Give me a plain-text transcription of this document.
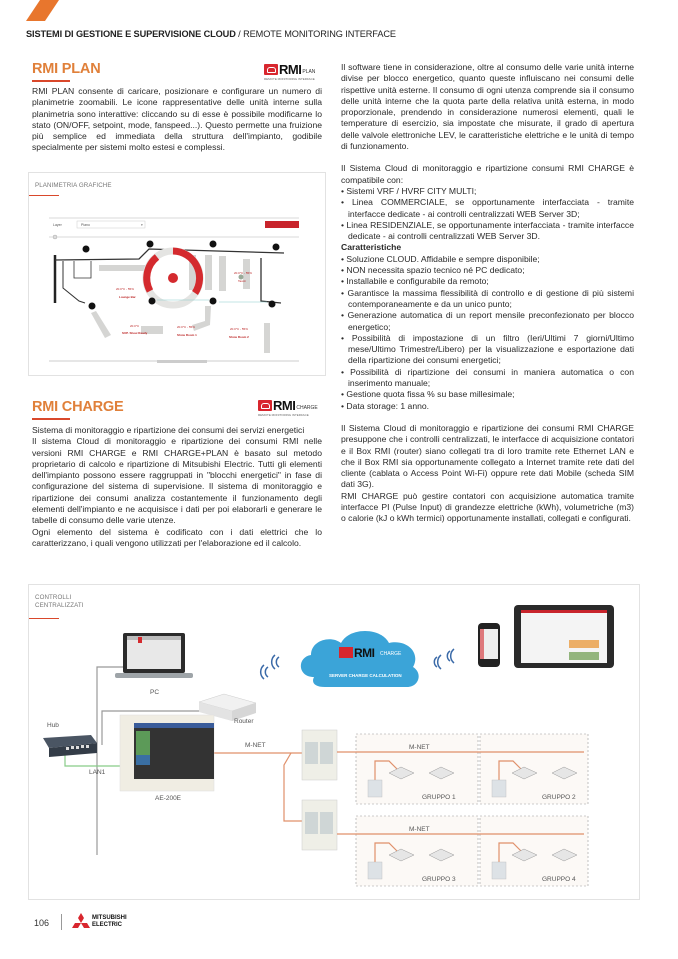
SISTEMI DI GESTIONE E SUPERVISIONE CLOUD / REMOTE MONITORING INTERFACE
RMI PLAN	RMI PLAN
REMOTE MONITORING INTERFACE
RMI PLAN consente di caricare, posizionare e configurare un numero di planimetrie zoomabili. Le icone rappresentative delle unità interne sulla planimetria sono interattive: cliccando su di esse è possibile modificarne lo stato (ON/OFF, setpoint, mode, fanspeed...). Questo permette una fruizione più semplice ed immediata della struttura dell'impianto, godibile specialmente per sistemi molto estesi e complessi.
PLANIMETRIA GRAFICHE
Layer	Piano	▾
20.0°C - 55%
Lounge Bar
20.0°C - 55%
Tavoli
20.0°C
SUP. Show Ready
20.0°C - 55%
Show Room 1
20.0°C - 55%
Show Room 2
RMI CHARGE	RMI CHARGE
REMOTE MONITORING INTERFACE

Sistema di monitoraggio e ripartizione dei consumi dei servizi energetici

Il sistema Cloud di monitoraggio e ripartizione dei consumi RMI nelle versioni RMI CHARGE e RMI CHARGE+PLAN è basato sul metodo proprietario di calcolo e ripartizione di Mitsubishi Electric. Tutti gli elementi dell'impianto possono essere raggruppati in "blocchi energetici" in fase di configurazione del sistema di supervisione. Il sistema di monitoraggio e ripartizione dei consumi analizza costantemente il funzionamento degli elementi dell'impianto e ne acquisisce i dati per poi elaborarli e generare le tabelle di consumo delle varie utenze.

Ogni elemento del sistema è codificato con i dati elettrici che lo caratterizzano, i quali vengono utilizzati per l'elaborazione ed il calcolo.

Il software tiene in considerazione, oltre al consumo delle varie unità interne divise per blocco energetico, quanto queste influiscano nei consumi delle rispettive unità esterne. Il consumo di ogni utenza comprende sia il consumo delle unità interne che la quota parte della relativa unità esterna, in modo proporzionale, prendendo in considerazione numerosi elementi, quali le temperature di esercizio, sia impostate che misurate, il grado di apertura delle valvole elettroniche LEV, le caratteristiche elettriche e le unità di tempo di funzionamento.

Il Sistema Cloud di monitoraggio e ripartizione consumi RMI CHARGE è compatibile con:

• Sistemi VRF / HVRF CITY MULTI;
• Linea COMMERCIALE, se opportunamente interfacciata - tramite interfacce dedicate - ai controlli centralizzati WEB Server 3D;
• Linea RESIDENZIALE, se opportunamente interfacciata - tramite interfacce dedicate - ai controlli centralizzati WEB Server 3D.

Caratteristiche

• Soluzione CLOUD. Affidabile e sempre disponibile;
• NON necessita spazio tecnico né PC dedicato;
• Installabile e configurabile da remoto;
• Garantisce la massima flessibilità di controllo e di gestione di più sistemi contemporaneamente e da un unico punto;
• Generazione automatica di un report mensile preconfezionato per blocco energetico;
• Possibilità di impostazione di un filtro (Ieri/Ultimi 7 giorni/Ultimo mese/Ultimo Trimestre/Libero) per la visualizzazione e esportazione dati della ripartizione dei consumi energetici;
• Possibilità di ripartizione dei consumi in maniera automatica o con inserimento manuale;
• Gestione quota fissa % su base millesimale;
• Data storage: 1 anno.

Il Sistema Cloud di monitoraggio e ripartizione dei consumi RMI CHARGE presuppone che i controlli centralizzati, le interfacce di acquisizione contatori e il Box RMI (router) siano collegati tra di loro tramite rete Ethernet LAN e che il Box RMI sia opportunamente collegato a Internet tramite rete dati del cliente (cablata o Access Point Wi-Fi) oppure rete dati Mobile (scheda SIM dati 3G).

RMI CHARGE può gestire contatori con acquisizione automatica tramite interfacce PI (Pulse Input) di grandezze elettriche (kWh), volumetriche (m3) o calorie (kJ o kWh termici) opportunamente installati, collegati e configurati.

CONTROLLI
CENTRALIZZATI
PC
Router
Hub
LAN1
AE-200E
M-NET	M-NET
M-NET
GRUPPO 1	GRUPPO 2
GRUPPO 3	GRUPPO 4
RMI CHARGE
SERVER CHARGE CALCULATION
106	MITSUBISHI
ELECTRIC
